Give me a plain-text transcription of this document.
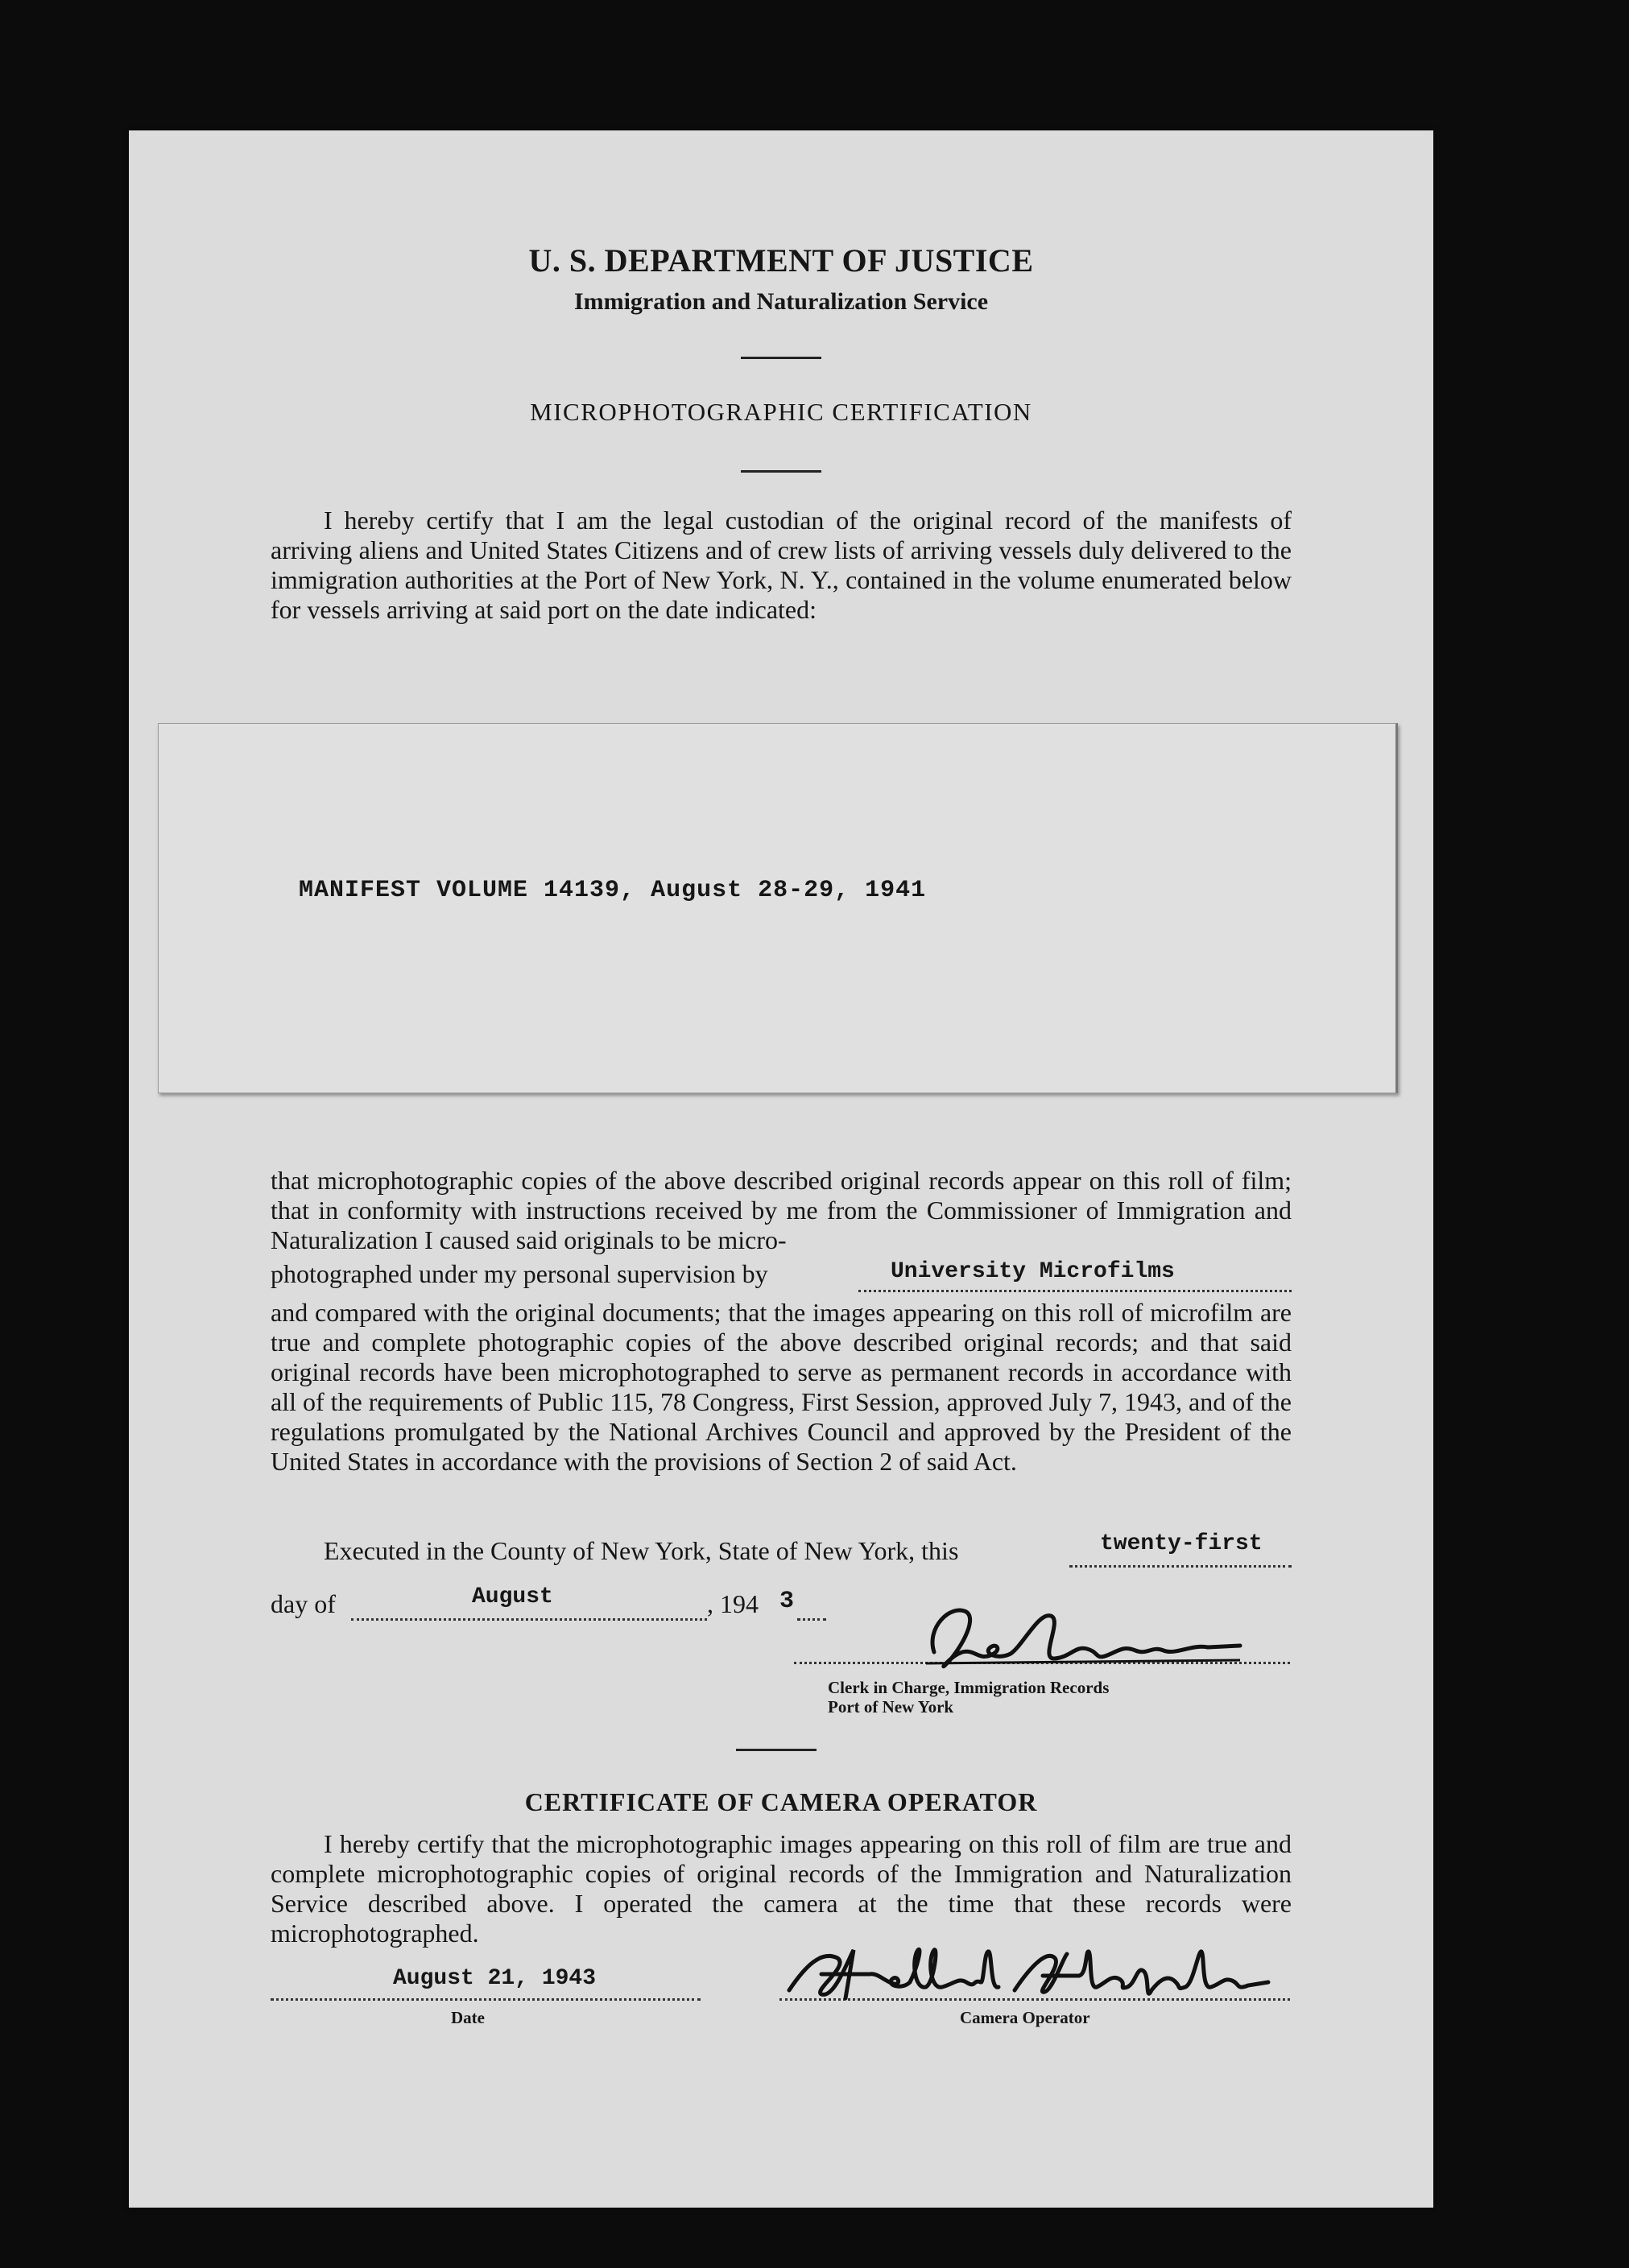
U. S. DEPARTMENT OF JUSTICE
Immigration and Naturalization Service
MICROPHOTOGRAPHIC CERTIFICATION
I hereby certify that I am the legal custodian of the original record of the manifests of arriving aliens and United States Citizens and of crew lists of arriving vessels duly delivered to the immigration authorities at the Port of New York, N. Y., contained in the volume enumerated below for vessels arriving at said port on the date indicated:
MANIFEST VOLUME 14139, August 28-29, 1941
that microphotographic copies of the above described original records appear on this roll of film; that in conformity with instructions received by me from the Commissioner of Immigration and Naturalization I caused said originals to be micro-
photographed under my personal supervision by	University Microfilms
and compared with the original documents; that the images appearing on this roll of microfilm are true and complete photographic copies of the above described original records; and that said original records have been microphotographed to serve as permanent records in accordance with all of the requirements of Public 115, 78 Congress, First Session, approved July 7, 1943, and of the regulations promulgated by the National Archives Council and approved by the President of the United States in accordance with the provisions of Section 2 of said Act.
Executed in the County of New York, State of New York, this	twenty-first
day of	August	, 194 3
Clerk in Charge, Immigration Records
Port of New York
CERTIFICATE OF CAMERA OPERATOR
I hereby certify that the microphotographic images appearing on this roll of film are true and complete microphotographic copies of original records of the Immigration and Naturalization Service described above. I operated the camera at the time that these records were microphotographed.
August 21, 1943
Date	Camera Operator
